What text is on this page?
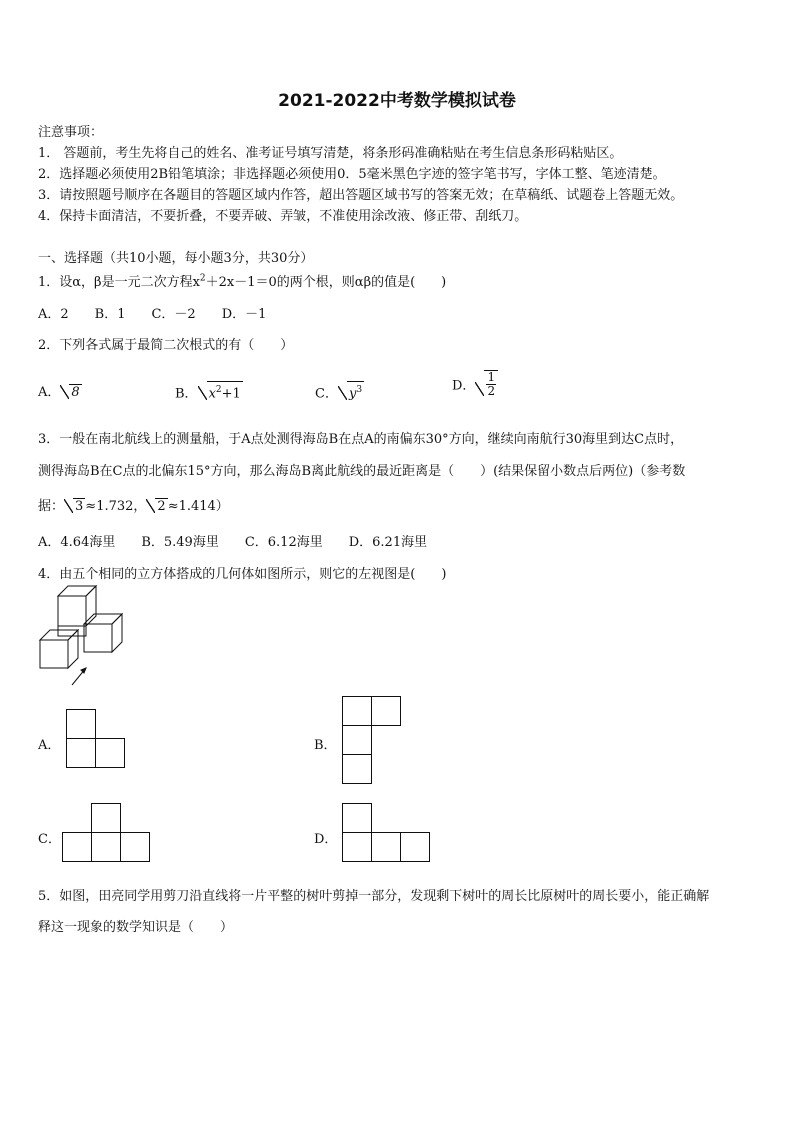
2021-2022中考数学模拟试卷
注意事项：
1． 答题前，考生先将自己的姓名、准考证号填写清楚，将条形码准确粘贴在考生信息条形码粘贴区。
2．选择题必须使用2B铅笔填涂；非选择题必须使用0．5毫米黑色字迹的签字笔书写，字体工整、笔迹清楚。
3．请按照题号顺序在各题目的答题区域内作答，超出答题区域书写的答案无效；在草稿纸、试题卷上答题无效。
4．保持卡面清洁，不要折叠，不要弄破、弄皱，不准使用涂改液、修正带、刮纸刀。
一、选择题（共10小题，每小题3分，共30分）
1．设α，β是一元二次方程$x^2+2x-1=0$的两个根，则αβ的值是(　　)
A．2　　B．1　　C．－2　　D．－1
2．下列各式属于最简二次根式的有（　　）
A． 8	B． $x^2+1$	C． $y^3$	D． $\frac{1}{2}$
3．一般在南北航线上的测量船，于A点处测得海岛B在点A的南偏东30°方向，继续向南航行30海里到达C点时，
测得海岛B在C点的北偏东15°方向，那么海岛B离此航线的最近距离是（　　）(结果保留小数点后两位)（参考数
据： 3 ≈1.732， 2 ≈1.414）
A．4.64海里　　B．5.49海里　　C．6.12海里　　D．6.21海里
4．由五个相同的立方体搭成的几何体如图所示，则它的左视图是(　　)
A．	B．
C．	D．
5．如图，田亮同学用剪刀沿直线将一片平整的树叶剪掉一部分，发现剩下树叶的周长比原树叶的周长要小，能正确解
释这一现象的数学知识是（　　）
